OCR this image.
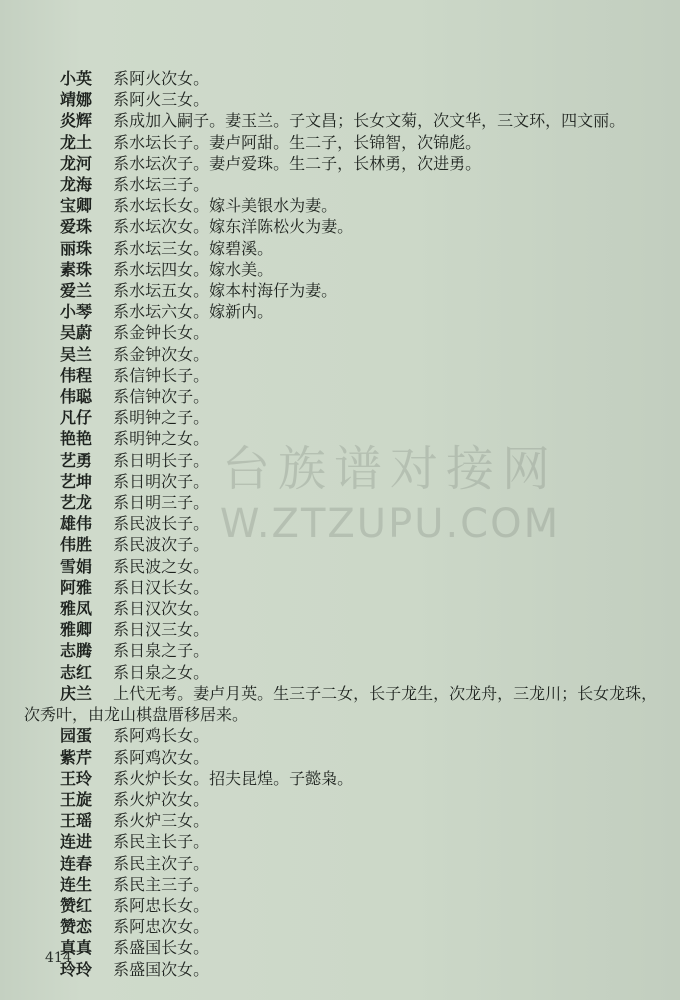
小英 系阿火次女。
靖娜 系阿火三女。
炎辉 系成加入嗣子。妻玉兰。子文昌；长女文菊，次文华，三文环，四文丽。
龙土 系水坛长子。妻卢阿甜。生二子，长锦智，次锦彪。
龙河 系水坛次子。妻卢爱珠。生二子，长林勇，次进勇。
龙海 系水坛三子。
宝卿 系水坛长女。嫁斗美银水为妻。
爱珠 系水坛次女。嫁东洋陈松火为妻。
丽珠 系水坛三女。嫁碧溪。
素珠 系水坛四女。嫁水美。
爱兰 系水坛五女。嫁本村海仔为妻。
小琴 系水坛六女。嫁新内。
吴蔚 系金钟长女。
吴兰 系金钟次女。
伟程 系信钟长子。
伟聪 系信钟次子。
凡仔 系明钟之子。
艳艳 系明钟之女。
艺勇 系日明长子。
艺坤 系日明次子。
艺龙 系日明三子。
雄伟 系民波长子。
伟胜 系民波次子。
雪娟 系民波之女。
阿雅 系日汉长女。
雅凤 系日汉次女。
雅卿 系日汉三女。
志腾 系日泉之子。
志红 系日泉之女。
庆兰 上代无考。妻卢月英。生三子二女，长子龙生，次龙舟，三龙川；长女龙珠，次秀叶，由龙山棋盘厝移居来。
园蛋 系阿鸡长女。
紫芹 系阿鸡次女。
王玲 系火炉长女。招夫昆煌。子懿枭。
王旋 系火炉次女。
王瑶 系火炉三女。
连进 系民主长子。
连春 系民主次子。
连生 系民主三子。
赞红 系阿忠长女。
赞恋 系阿忠次女。
真真 系盛国长女。
玲玲 系盛国次女。
台族谱对接网
W.ZTZUPU.COM
414
